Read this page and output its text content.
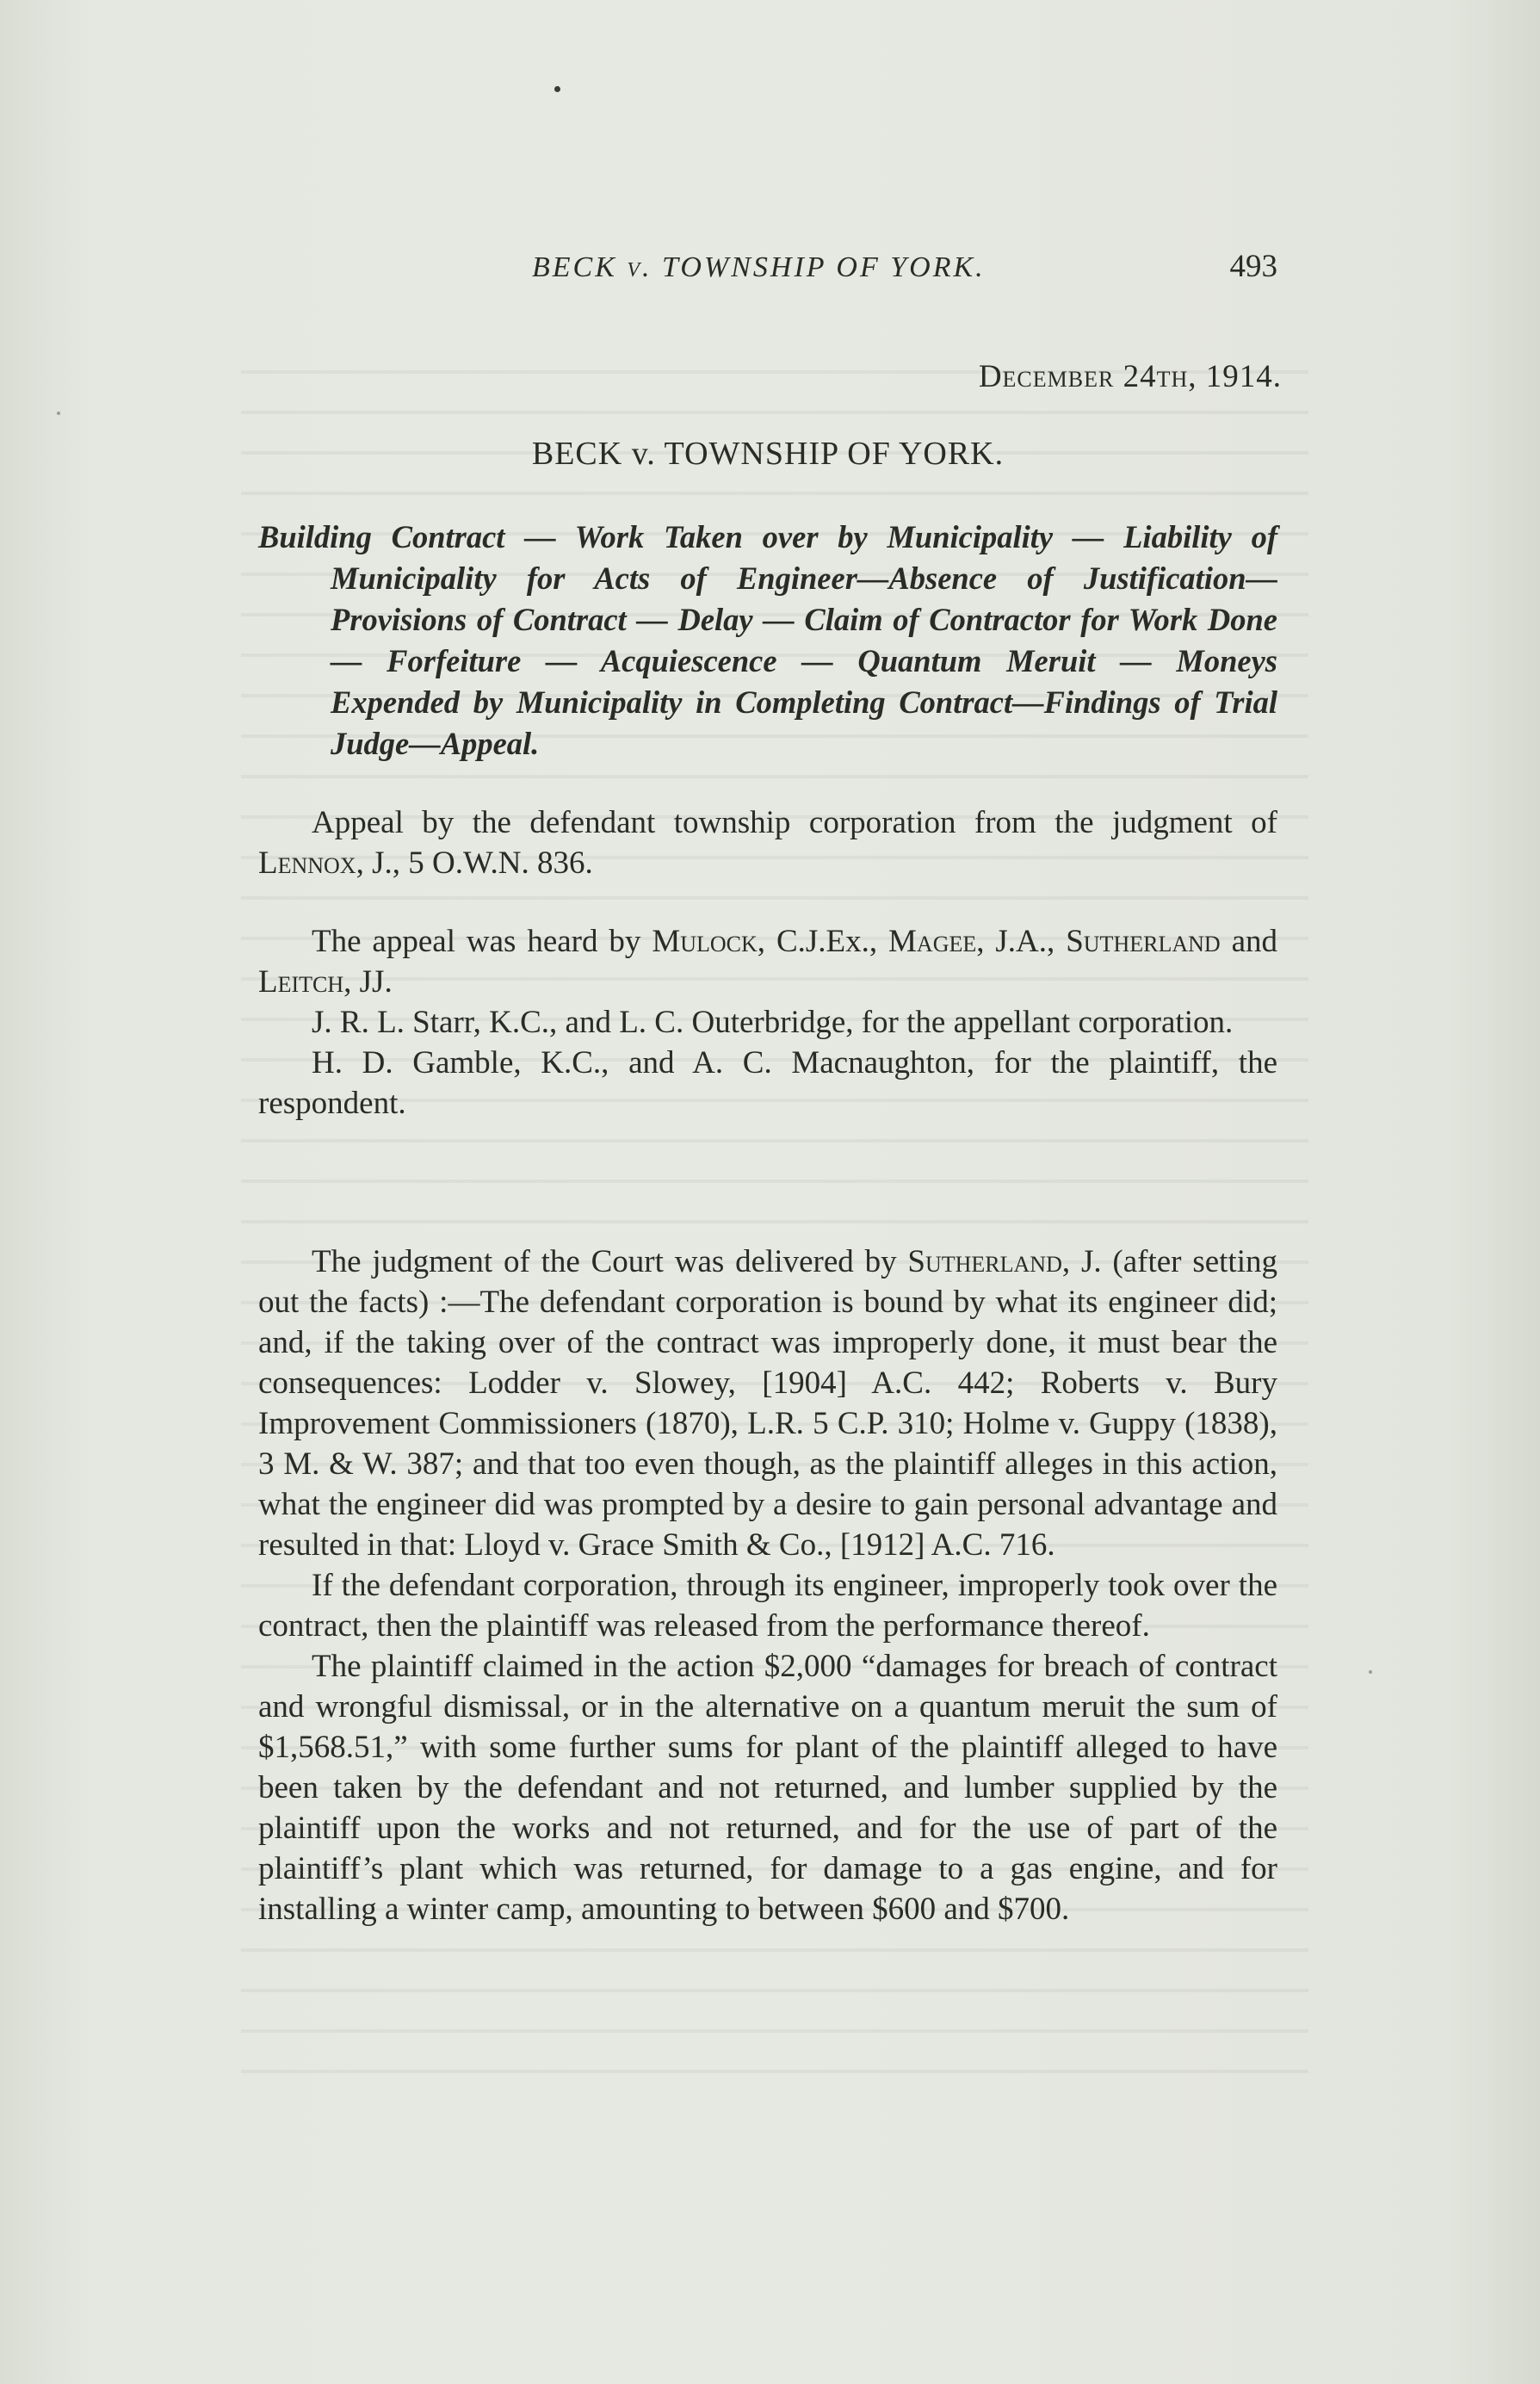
BECK v. TOWNSHIP OF YORK.	493
December 24th, 1914.
BECK v. TOWNSHIP OF YORK.
Building Contract — Work Taken over by Municipality — Liability of Municipality for Acts of Engineer—Absence of Justification—Provisions of Contract — Delay — Claim of Contractor for Work Done — Forfeiture — Acquiescence — Quantum Meruit — Moneys Expended by Municipality in Completing Contract—Findings of Trial Judge—Appeal.

Appeal by the defendant township corporation from the judgment of Lennox, J., 5 O.W.N. 836.

The appeal was heard by Mulock, C.J.Ex., Magee, J.A., Sutherland and Leitch, JJ.

J. R. L. Starr, K.C., and L. C. Outerbridge, for the appellant corporation.

H. D. Gamble, K.C., and A. C. Macnaughton, for the plaintiff, the respondent.

The judgment of the Court was delivered by Sutherland, J. (after setting out the facts) :—The defendant corporation is bound by what its engineer did; and, if the taking over of the contract was improperly done, it must bear the consequences: Lodder v. Slowey, [1904] A.C. 442; Roberts v. Bury Improvement Commissioners (1870), L.R. 5 C.P. 310; Holme v. Guppy (1838), 3 M. & W. 387; and that too even though, as the plaintiff alleges in this action, what the engineer did was prompted by a desire to gain personal advantage and resulted in that: Lloyd v. Grace Smith & Co., [1912] A.C. 716.

If the defendant corporation, through its engineer, improperly took over the contract, then the plaintiff was released from the performance thereof.

The plaintiff claimed in the action $2,000 “damages for breach of contract and wrongful dismissal, or in the alternative on a quantum meruit the sum of $1,568.51,” with some further sums for plant of the plaintiff alleged to have been taken by the defendant and not returned, and lumber supplied by the plaintiff upon the works and not returned, and for the use of part of the plaintiff’s plant which was returned, for damage to a gas engine, and for installing a winter camp, amounting to between $600 and $700.
